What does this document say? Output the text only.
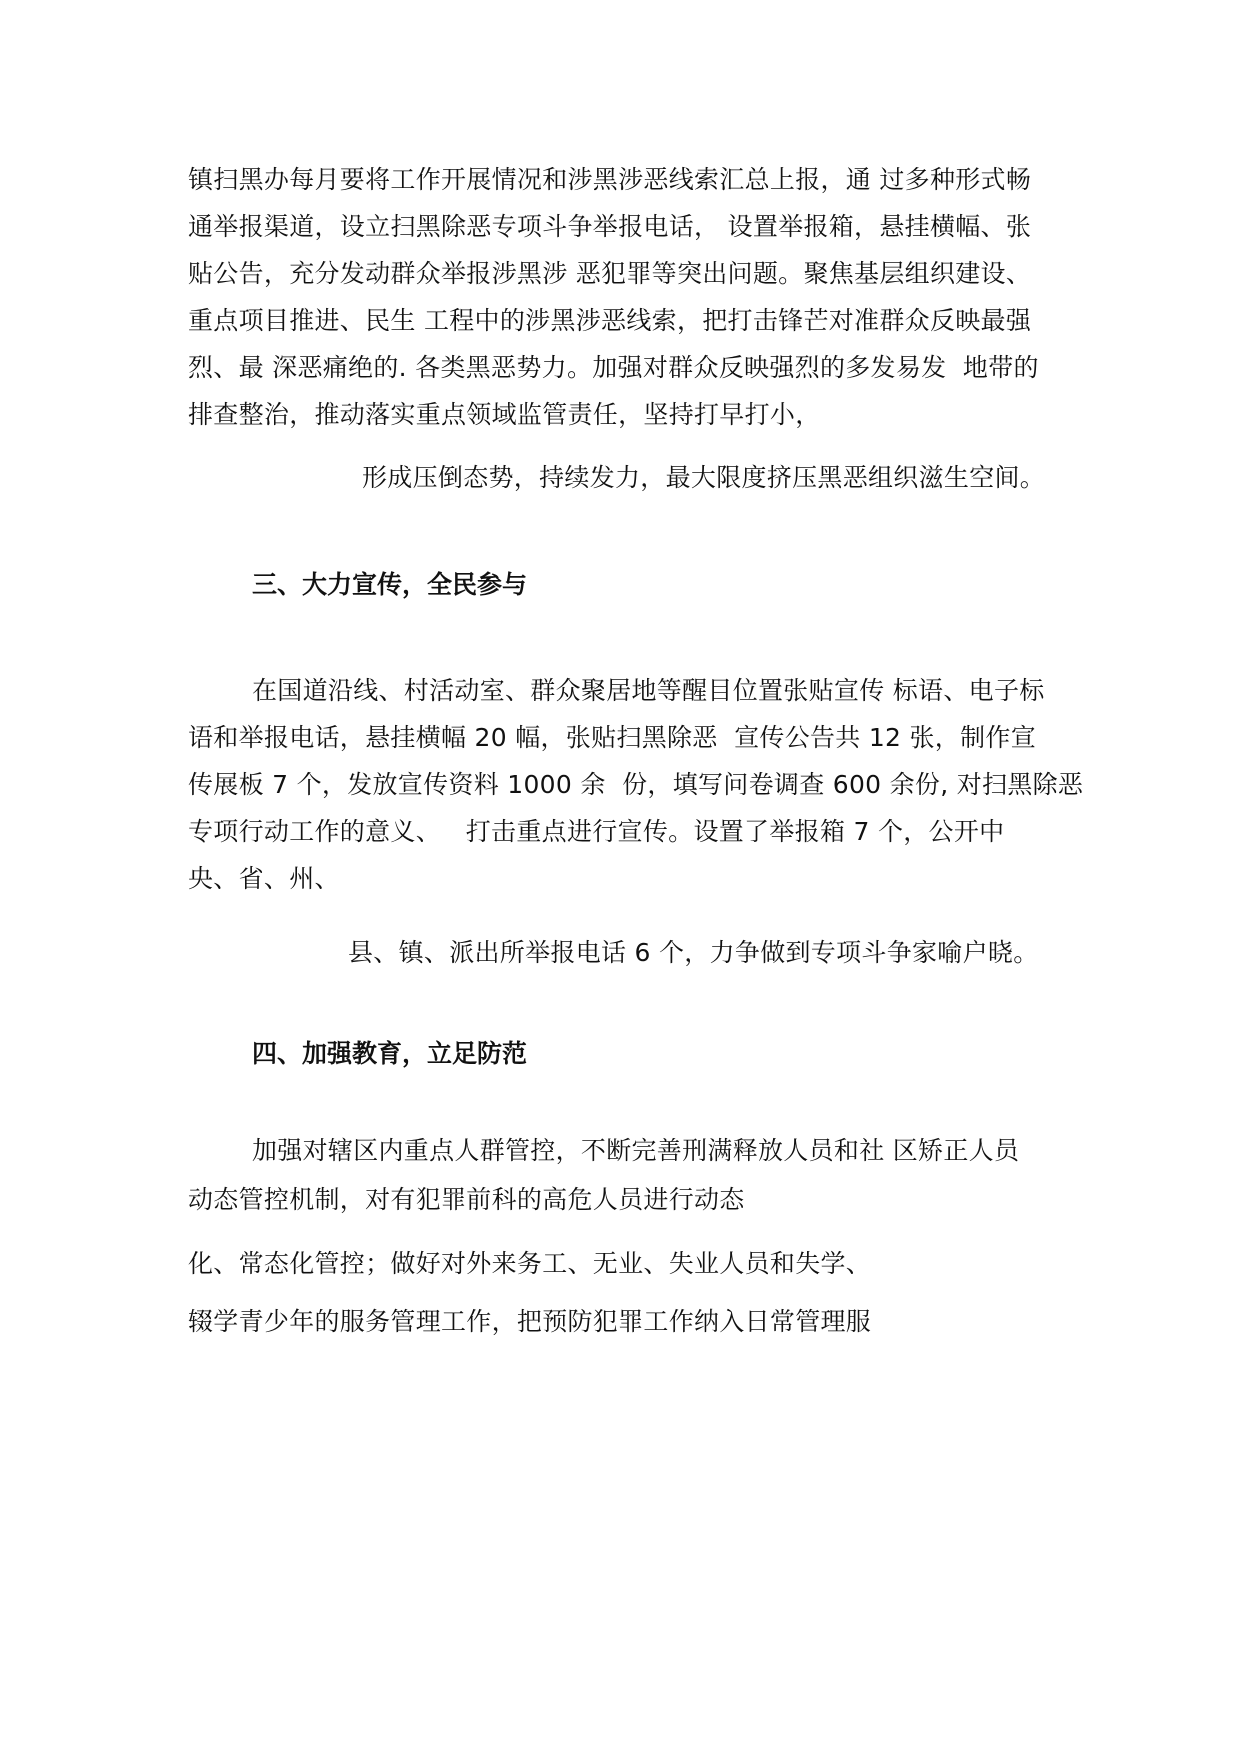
镇扫黑办每月要将工作开展情况和涉黑涉恶线索汇总上报，通 过多种形式畅
通举报渠道，设立扫黑除恶专项斗争举报电话， 设置举报箱，悬挂横幅、张
贴公告，充分发动群众举报涉黑涉 恶犯罪等突出问题。聚焦基层组织建设、
重点项目推进、民生 工程中的涉黑涉恶线索，把打击锋芒对准群众反映最强
烈、最 深恶痛绝的. 各类黑恶势力。加强对群众反映强烈的多发易发  地带的
排查整治，推动落实重点领域监管责任，坚持打早打小，
形成压倒态势，持续发力，最大限度挤压黑恶组织滋生空间。
三、大力宣传，全民参与
在国道沿线、村活动室、群众聚居地等醒目位置张贴宣传 标语、电子标
语和举报电话，悬挂横幅 20 幅，张贴扫黑除恶  宣传公告共 12 张，制作宣
传展板 7 个，发放宣传资料 1000 余  份，填写问卷调查 600 余份, 对扫黑除恶
专项行动工作的意义、   打击重点进行宣传。设置了举报箱 7 个，公开中
央、省、州、
县、镇、派出所举报电话 6 个，力争做到专项斗争家喻户晓。
四、加强教育，立足防范
加强对辖区内重点人群管控，不断完善刑满释放人员和社 区矫正人员
动态管控机制，对有犯罪前科的高危人员进行动态
化、常态化管控；做好对外来务工、无业、失业人员和失学、
辍学青少年的服务管理工作，把预防犯罪工作纳入日常管理服
